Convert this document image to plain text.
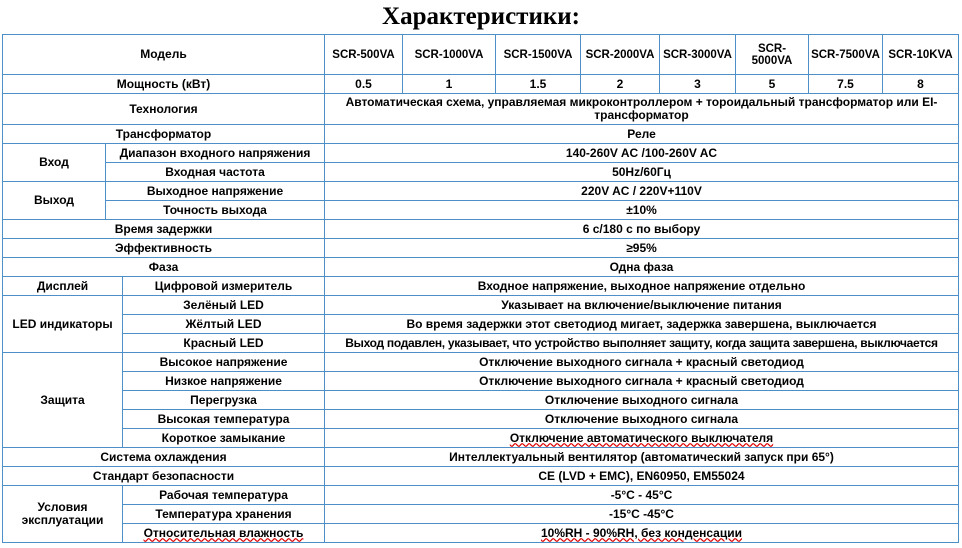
Характеристики:
Модель			SCR-500VA	SCR-1000VA	SCR-1500VA	SCR-2000VA	SCR-3000VA	SCR-5000VA	SCR-7500VA	SCR-10KVA
Мощность (кВт)			0.5	1	1.5	2	3	5	7.5	8
Технология			Автоматическая схема, управляемая микроконтроллером + тороидальный трансформатор или EI- трансформатор							
Трансформатор			Реле							
Вход	Диапазон входного напряжения		140-260V AC /100-260V AC							
	Входная частота		50Hz/60Гц							
Выход	Выходное напряжение		220V AC / 220V+110V							
	Точность выхода		±10%							
Время задержки			6 с/180 с по выбору							
Эффективность			≥95%							
Фаза			Одна фаза							
Дисплей		Цифровой измеритель	Входное напряжение, выходное напряжение отдельно							
LED индикаторы		Зелёный LED	Указывает на включение/выключение питания							
		Жёлтый LED	Во время задержки этот светодиод мигает, задержка завершена, выключается							
		Красный LED	Выход подавлен, указывает, что устройство выполняет защиту, когда защита завершена, выключается							
Защита		Высокое напряжение	Отключение выходного сигнала + красный светодиод							
		Низкое напряжение	Отключение выходного сигнала + красный светодиод							
		Перегрузка	Отключение выходного сигнала							
		Высокая температура	Отключение выходного сигнала							
		Короткое замыкание	Отключение автоматического выключателя							
Система охлаждения			Интеллектуальный вентилятор (автоматический запуск при 65°)							
Стандарт безопасности			CE (LVD + EMC), EN60950, EM55024							
Условия эксплуатации		Рабочая температура	-5°C - 45°C							
		Температура хранения	-15°C -45°C							
		Относительная влажность	10%RH - 90%RH, без конденсации							
